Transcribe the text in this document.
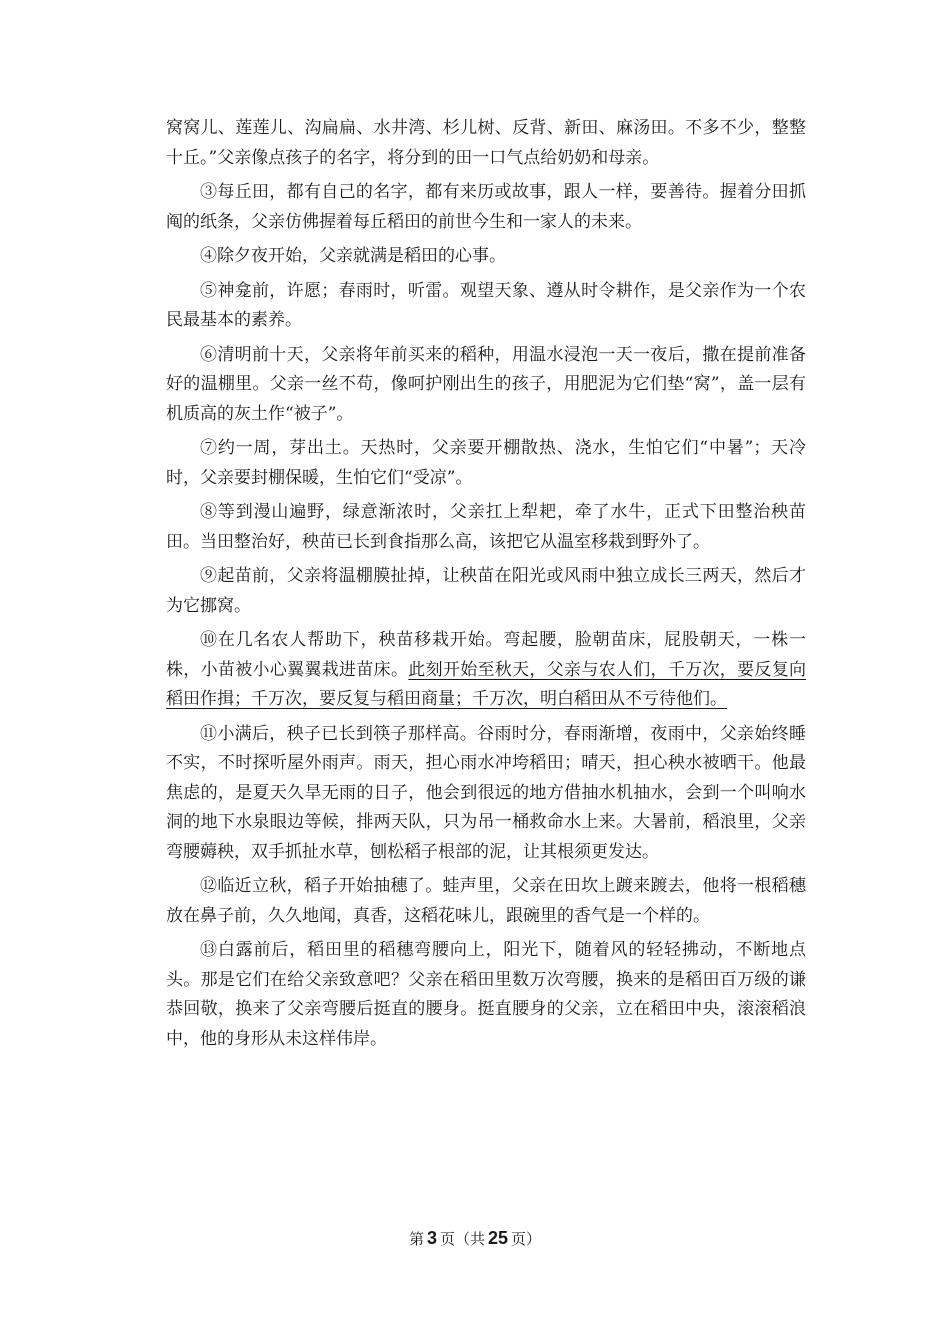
窝窝儿、莲莲儿、沟扁扁、水井湾、杉儿树、反背、新田、麻汤田。不多不少，整整十丘。”父亲像点孩子的名字，将分到的田一口气点给奶奶和母亲。

③每丘田，都有自己的名字，都有来历或故事，跟人一样，要善待。握着分田抓阄的纸条，父亲仿佛握着每丘稻田的前世今生和一家人的未来。

④除夕夜开始，父亲就满是稻田的心事。

⑤神龛前，许愿；春雨时，听雷。观望天象、遵从时令耕作，是父亲作为一个农民最基本的素养。

⑥清明前十天，父亲将年前买来的稻种，用温水浸泡一天一夜后，撒在提前准备好的温棚里。父亲一丝不苟，像呵护刚出生的孩子，用肥泥为它们垫“窝”，盖一层有机质高的灰土作“被子”。

⑦约一周，芽出土。天热时，父亲要开棚散热、浇水，生怕它们“中暑”；天冷时，父亲要封棚保暖，生怕它们“受凉”。

⑧等到漫山遍野，绿意渐浓时，父亲扛上犁耙，牵了水牛，正式下田整治秧苗田。当田整治好，秧苗已长到食指那么高，该把它从温室移栽到野外了。

⑨起苗前，父亲将温棚膜扯掉，让秧苗在阳光或风雨中独立成长三两天，然后才为它挪窝。

⑩在几名农人帮助下，秧苗移栽开始。弯起腰，脸朝苗床，屁股朝天，一株一株，小苗被小心翼翼栽进苗床。此刻开始至秋天，父亲与农人们，千万次，要反复向稻田作揖；千万次，要反复与稻田商量；千万次，明白稻田从不亏待他们。

⑪小满后，秧子已长到筷子那样高。谷雨时分，春雨渐增，夜雨中，父亲始终睡不实，不时探听屋外雨声。雨天，担心雨水冲垮稻田；晴天，担心秧水被晒干。他最焦虑的，是夏天久旱无雨的日子，他会到很远的地方借抽水机抽水，会到一个叫响水洞的地下水泉眼边等候，排两天队，只为吊一桶救命水上来。大暑前，稻浪里，父亲弯腰薅秧，双手抓扯水草，刨松稻子根部的泥，让其根须更发达。

⑫临近立秋，稻子开始抽穗了。蛙声里，父亲在田坎上踱来踱去，他将一根稻穗放在鼻子前，久久地闻，真香，这稻花味儿，跟碗里的香气是一个样的。

⑬白露前后，稻田里的稻穗弯腰向上，阳光下，随着风的轻轻拂动，不断地点头。那是它们在给父亲致意吧？父亲在稻田里数万次弯腰，换来的是稻田百万级的谦恭回敬，换来了父亲弯腰后挺直的腰身。挺直腰身的父亲，立在稻田中央，滚滚稻浪中，他的身形从未这样伟岸。

第 3 页（共 25 页）
